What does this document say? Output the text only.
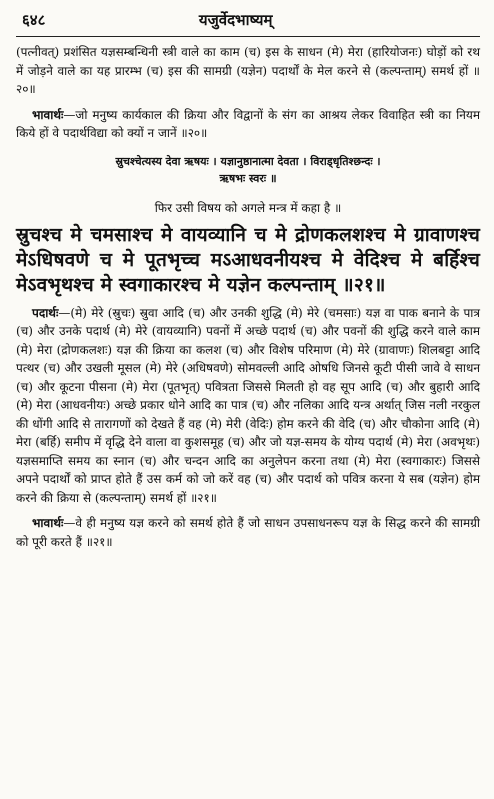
६४८	यजुर्वेदभाष्यम्

(पत्नीवत्) प्रशंसित यज्ञसम्बन्धिनी स्त्री वाले का काम (च) इस के साधन (मे) मेरा (हारियोजनः) घोड़ों को रथ में जोड़ने वाले का यह प्रारम्भ (च) इस की सामग्री (यज्ञेन) पदार्थों के मेल करने से (कल्पन्ताम्) समर्थ हों ॥२०॥

भावार्थः—जो मनुष्य कार्यकाल की क्रिया और विद्वानों के संग का आश्रय लेकर विवाहित स्त्री का नियम किये हों वे पदार्थविद्या को क्यों न जानें ॥२०॥

स्रुचश्चेत्यस्य देवा ऋषयः । यज्ञानुष्ठानात्मा देवता । विराड्धृतिश्छन्दः ।
ऋषभः स्वरः ॥
फिर उसी विषय को अगले मन्त्र में कहा है ॥

स्रुचश्च मे चमसाश्च मे वायव्यानि च मे द्रोणकलशश्च मे ग्रावाणश्च मेऽधिषवणे च मे पूतभृच्च मऽआधवनीयश्च मे वेदिश्च मे बर्हिश्च मेऽवभृथश्च मे स्वगाकारश्च मे यज्ञेन कल्पन्ताम् ॥२१॥

पदार्थः—(मे) मेरे (स्रुचः) स्रुवा आदि (च) और उनकी शुद्धि (मे) मेरे (चमसाः) यज्ञ वा पाक बनाने के पात्र (च) और उनके पदार्थ (मे) मेरे (वायव्यानि) पवनों में अच्छे पदार्थ (च) और पवनों की शुद्धि करने वाले काम (मे) मेरा (द्रोणकलशः) यज्ञ की क्रिया का कलश (च) और विशेष परिमाण (मे) मेरे (ग्रावाणः) शिलबट्टा आदि पत्थर (च) और उखली मूसल (मे) मेरे (अधिषवणे) सोमवल्ली आदि ओषधि जिनसे कूटी पीसी जावे वे साधन (च) और कूटना पीसना (मे) मेरा (पूतभृत्) पवित्रता जिससे मिलती हो वह सूप आदि (च) और बुहारी आदि (मे) मेरा (आधवनीयः) अच्छे प्रकार धोने आदि का पात्र (च) और नलिका आदि यन्त्र अर्थात् जिस नली नरकुल की धोंगी आदि से तारागणों को देखते हैं वह (मे) मेरी (वेदिः) होम करने की वेदि (च) और चौकोना आदि (मे) मेरा (बर्हि) समीप में वृद्धि देने वाला वा कुशसमूह (च) और जो यज्ञ-समय के योग्य पदार्थ (मे) मेरा (अवभृथः) यज्ञसमाप्ति समय का स्नान (च) और चन्दन आदि का अनुलेपन करना तथा (मे) मेरा (स्वगाकारः) जिससे अपने पदार्थों को प्राप्त होते हैं उस कर्म को जो करें वह (च) और पदार्थ को पवित्र करना ये सब (यज्ञेन) होम करने की क्रिया से (कल्पन्ताम्) समर्थ हों ॥२१॥

भावार्थः—वे ही मनुष्य यज्ञ करने को समर्थ होते हैं जो साधन उपसाधनरूप यज्ञ के सिद्ध करने की सामग्री को पूरी करते हैं ॥२१॥
